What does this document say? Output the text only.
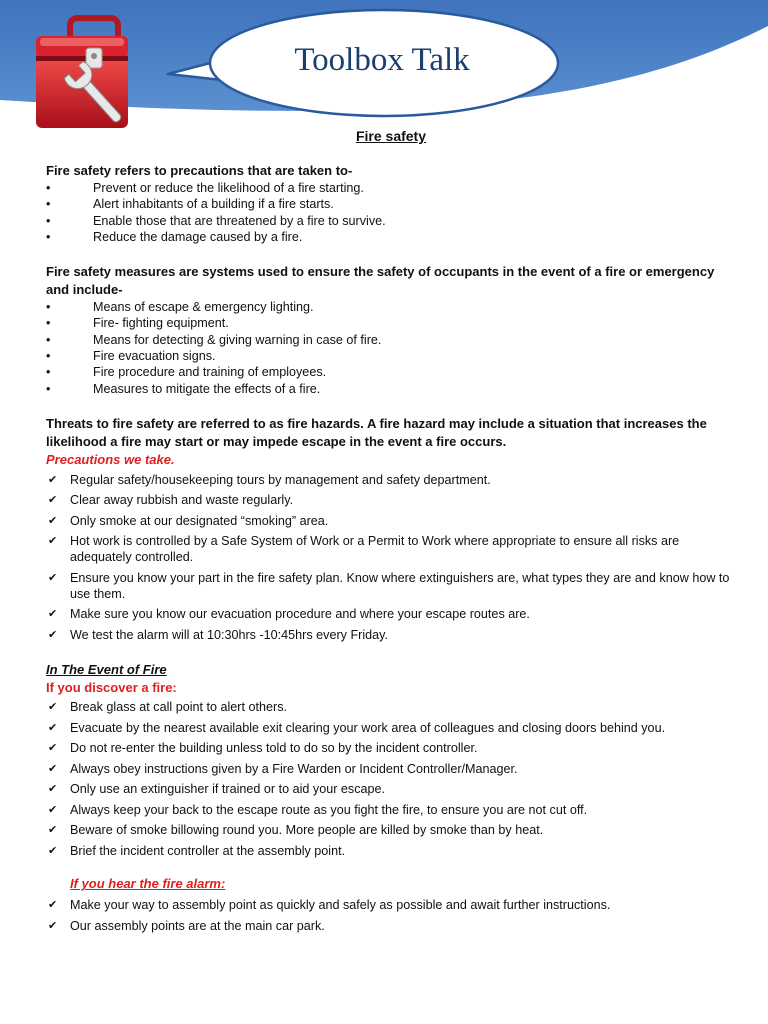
Toolbox Talk
Fire safety
Fire safety refers to precautions that are taken to-
• Prevent or reduce the likelihood of a fire starting.
• Alert inhabitants of a building if a fire starts.
• Enable those that are threatened by a fire to survive.
• Reduce the damage caused by a fire.
Fire safety measures are systems used to ensure the safety of occupants in the event of a fire or emergency and include-
• Means of escape & emergency lighting.
• Fire- fighting equipment.
• Means for detecting & giving warning in case of fire.
• Fire evacuation signs.
• Fire procedure and training of employees.
• Measures to mitigate the effects of a fire.
Threats to fire safety are referred to as fire hazards. A fire hazard may include a situation that increases the likelihood a fire may start or may impede escape in the event a fire occurs.
Precautions we take.
✔ Regular safety/housekeeping tours by management and safety department.
✔ Clear away rubbish and waste regularly.
✔ Only smoke at our designated “smoking” area.
✔ Hot work is controlled by a Safe System of Work or a Permit to Work where appropriate to ensure all risks are adequately controlled.
✔ Ensure you know your part in the fire safety plan. Know where extinguishers are, what types they are and know how to use them.
✔ Make sure you know our evacuation procedure and where your escape routes are.
✔ We test the alarm will at 10:30hrs -10:45hrs every Friday.
In The Event of Fire
If you discover a fire:
✔ Break glass at call point to alert others.
✔ Evacuate by the nearest available exit clearing your work area of colleagues and closing doors behind you.
✔ Do not re-enter the building unless told to do so by the incident controller.
✔ Always obey instructions given by a Fire Warden or Incident Controller/Manager.
✔ Only use an extinguisher if trained or to aid your escape.
✔ Always keep your back to the escape route as you fight the fire, to ensure you are not cut off.
✔ Beware of smoke billowing round you. More people are killed by smoke than by heat.
✔ Brief the incident controller at the assembly point.
If you hear the fire alarm:
✔ Make your way to assembly point as quickly and safely as possible and await further instructions.
✔ Our assembly points are at the main car park.
